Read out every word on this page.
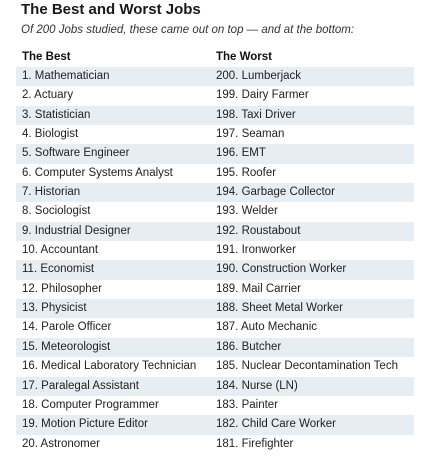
The Best and Worst Jobs
Of 200 Jobs studied, these came out on top — and at the bottom:
The Best	The Worst
1. Mathematician	200. Lumberjack
2. Actuary	199. Dairy Farmer
3. Statistician	198. Taxi Driver
4. Biologist	197. Seaman
5. Software Engineer	196. EMT
6. Computer Systems Analyst	195. Roofer
7. Historian	194. Garbage Collector
8. Sociologist	193. Welder
9. Industrial Designer	192. Roustabout
10. Accountant	191. Ironworker
11. Economist	190. Construction Worker
12. Philosopher	189. Mail Carrier
13. Physicist	188. Sheet Metal Worker
14. Parole Officer	187. Auto Mechanic
15. Meteorologist	186. Butcher
16. Medical Laboratory Technician 185. Nuclear Decontamination Tech
17. Paralegal Assistant	184. Nurse (LN)
18. Computer Programmer	183. Painter
19. Motion Picture Editor	182. Child Care Worker
20. Astronomer	181. Firefighter
